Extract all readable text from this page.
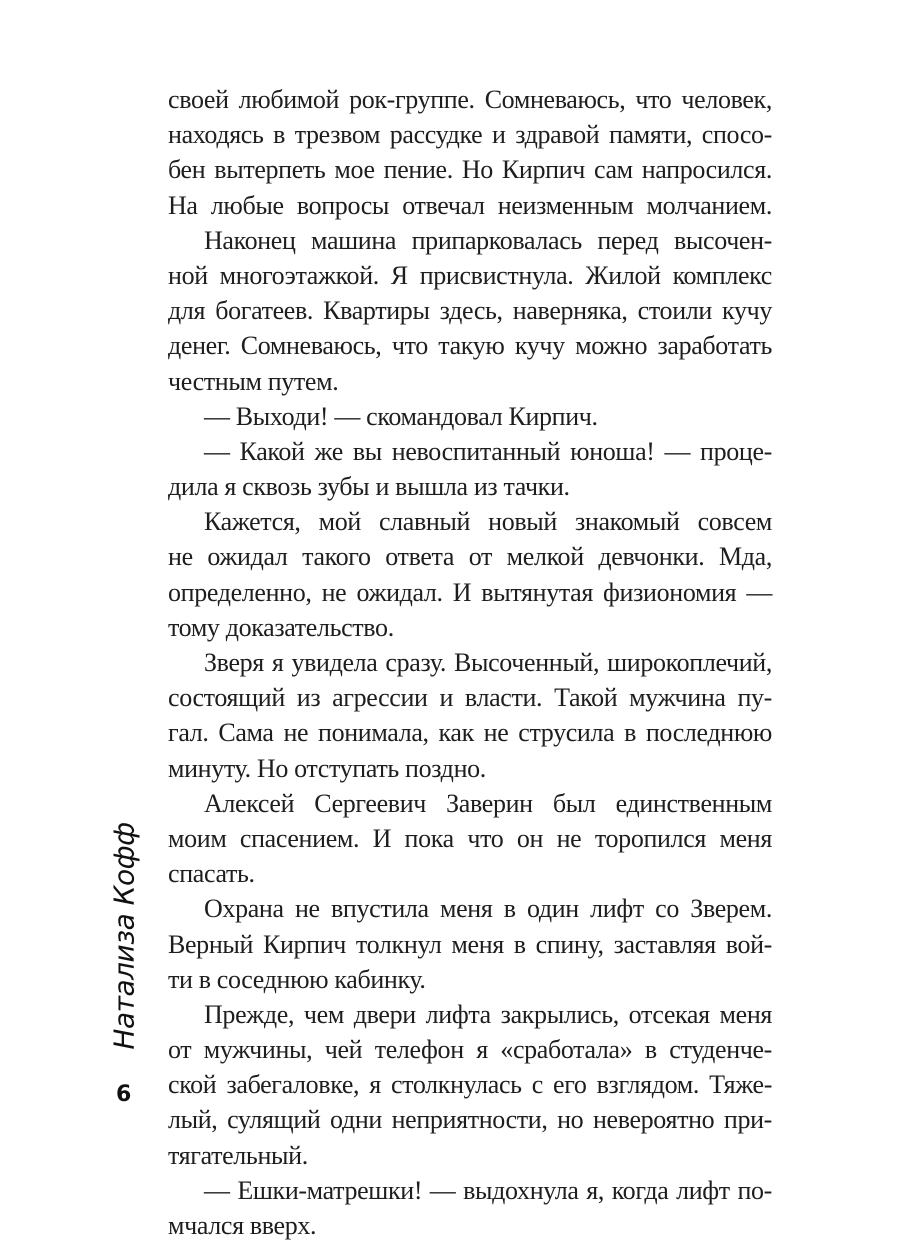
Натализа Кофф
своей любимой рок-группе. Сомневаюсь, что человек,
находясь в трезвом рассудке и здравой памяти, спосо-
бен вытерпеть мое пение. Но Кирпич сам напросился.
На любые вопросы отвечал неизменным молчанием.
Наконец машина припарковалась перед высочен-
ной многоэтажкой. Я присвистнула. Жилой комплекс
для богатеев. Квартиры здесь, наверняка, стоили кучу
денег. Сомневаюсь, что такую кучу можно заработать
честным путем.
— Выходи! — скомандовал Кирпич.
— Какой же вы невоспитанный юноша! — проце-
дила я сквозь зубы и вышла из тачки.
Кажется, мой славный новый знакомый совсем
не ожидал такого ответа от мелкой девчонки. Мда,
определенно, не ожидал. И вытянутая физиономия —
тому доказательство.
Зверя я увидела сразу. Высоченный, широкоплечий,
состоящий из агрессии и власти. Такой мужчина пу-
гал. Сама не понимала, как не струсила в последнюю
минуту. Но отступать поздно.
Алексей Сергеевич Заверин был единственным
моим спасением. И пока что он не торопился меня
спасать.
Охрана не впустила меня в один лифт со Зверем.
Верный Кирпич толкнул меня в спину, заставляя вой-
ти в соседнюю кабинку.
Прежде, чем двери лифта закрылись, отсекая меня
от мужчины, чей телефон я «сработала» в студенче-
ской забегаловке, я столкнулась с его взглядом. Тяже-
лый, сулящий одни неприятности, но невероятно при-
тягательный.
— Ешки-матрешки! — выдохнула я, когда лифт по-
мчался вверх.
6
